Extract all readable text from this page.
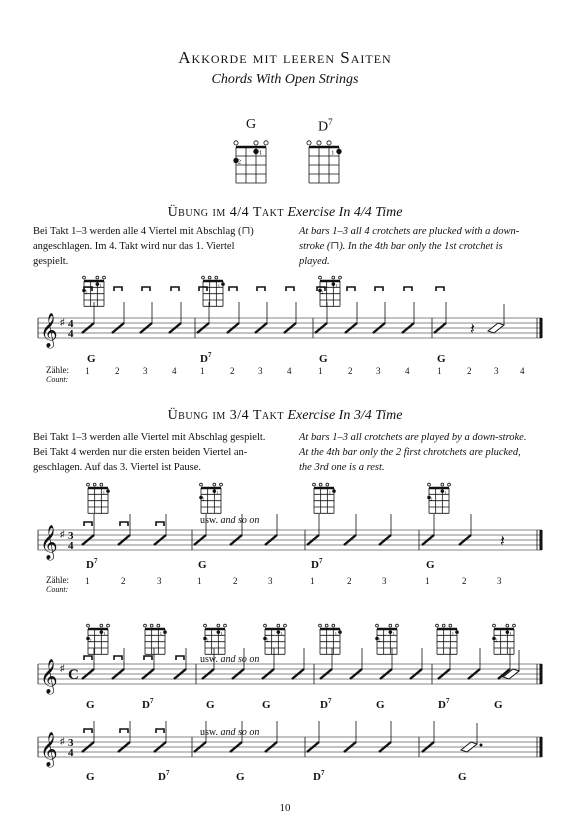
Akkorde mit leeren Saiten
Chords With Open Strings
G	$D^7$
Übung im 4/4 Takt Exercise In 4/4 Time
Bei Takt 1–3 werden alle 4 Viertel mit Abschlag (⊓)
angeschlagen. Im 4. Takt wird nur das 1. Viertel
gespielt.
At bars 1–3 all 4 crotchets are plucked with a down-
stroke (⊓). In the 4th bar only the 1st crotchet is
played.
Zähle:
Count:
Übung im 3/4 Takt Exercise In 3/4 Time
Bei Takt 1–3 werden alle Viertel mit Abschlag gespielt.
Bei Takt 4 werden nur die ersten beiden Viertel an-
geschlagen. Auf das 3. Viertel ist Pause.
At bars 1–3 all crotchets are played by a down-stroke.
At the 4th bar only the 2 first chrotchets are plucked,
the 3rd one is a rest.
Zähle:
Count:
10
1
2
1
𝄞 ♯ 4
4	𝄽
G	$D^7$	G	G
1
2
1	1
2
1	2	3	4	1	2	3	4	1	2	3	4	1	2	3 4
𝄞 ♯ 3
4	𝄽
usw. and so on
$D^7$	G	$D^7$	G
1	1
2
1	1
2
1	2	3	1	2	3	1	2	3	1	2	3
𝄞 ♯ C
usw. and so on
G	$D^7$	G	G	$D^7$	G	$D^7$	G
1
2
1	1
2
1
2
1	1
2
1	1
2
𝄞 ♯ 3
4
usw. and so on
G	$D^7$	G	$D^7$	G
